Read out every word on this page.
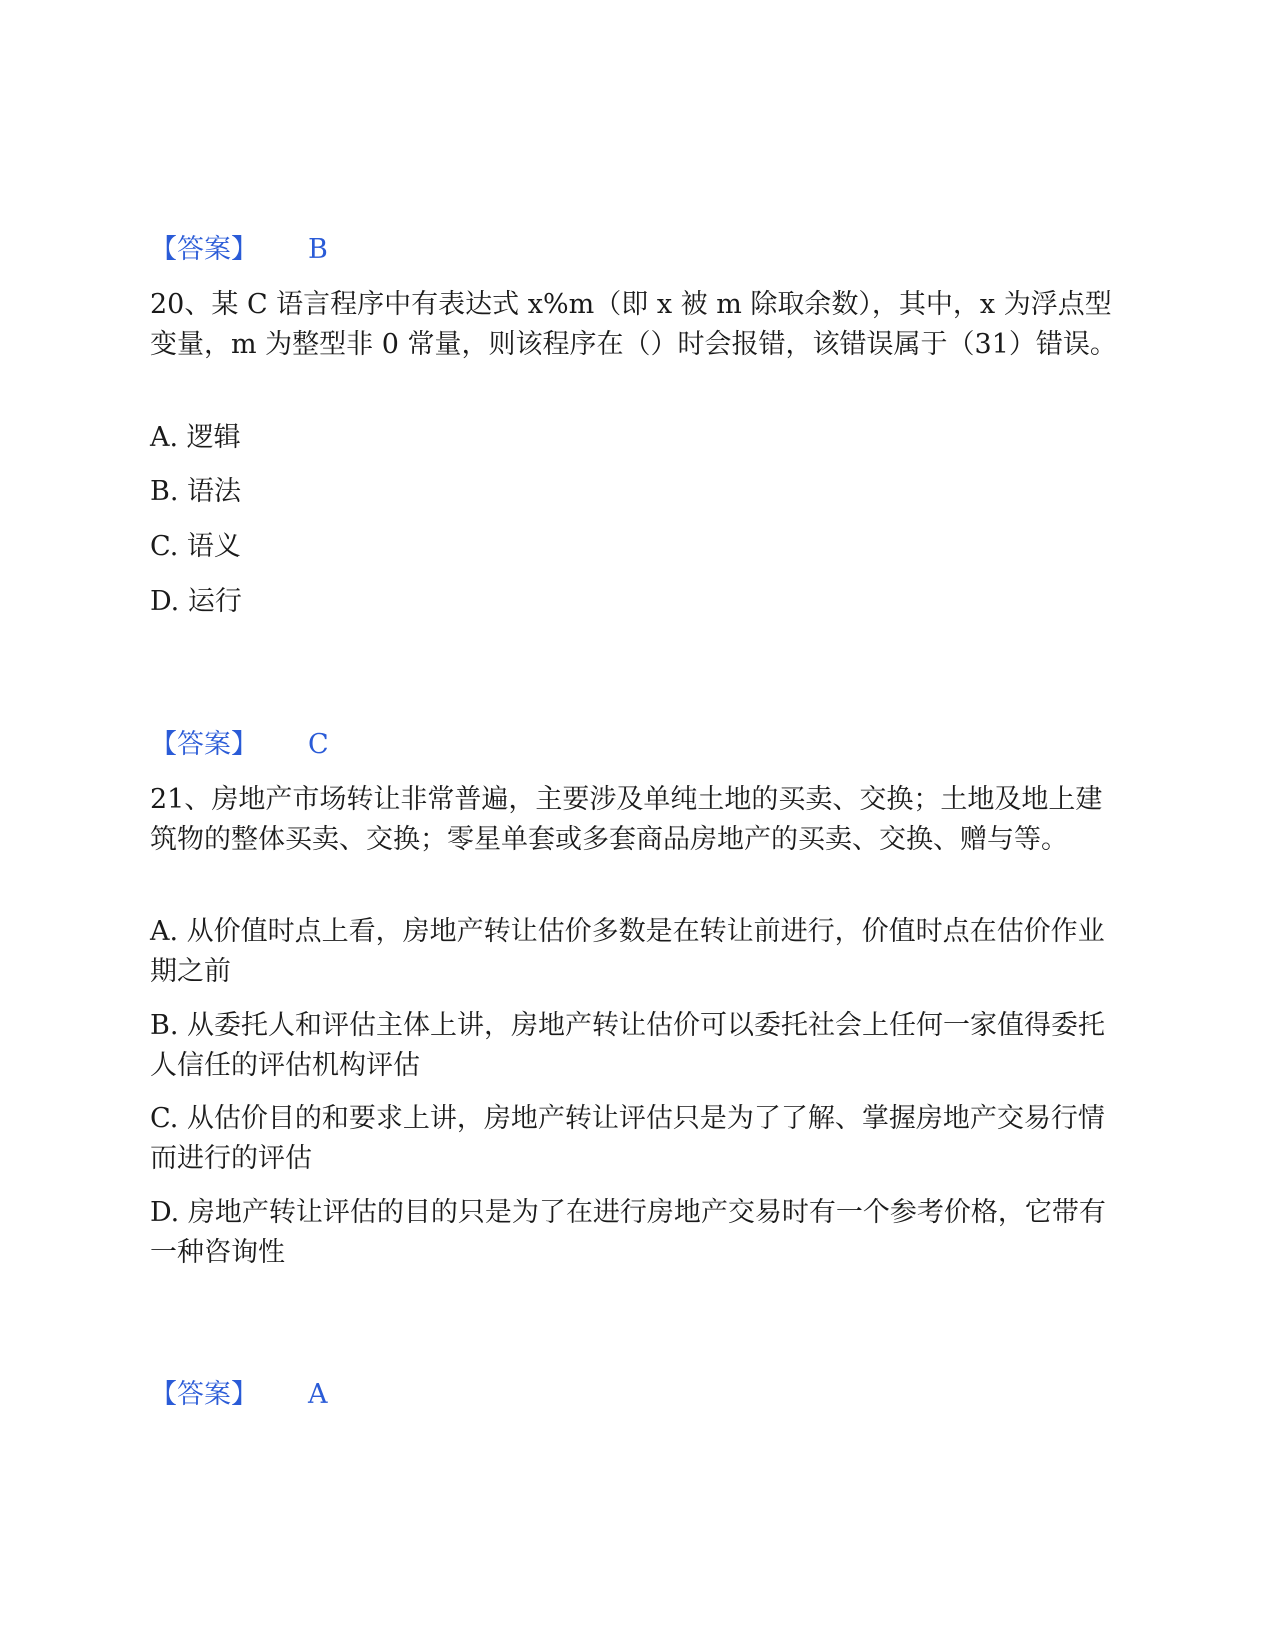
【答案】 B

20、某 C 语言程序中有表达式 x%m（即 x 被 m 除取余数），其中，x 为浮点型变量，m 为整型非 0 常量，则该程序在（）时会报错，该错误属于（31）错误。

A. 逻辑

B. 语法

C. 语义

D. 运行

【答案】 C

21、房地产市场转让非常普遍，主要涉及单纯土地的买卖、交换；土地及地上建筑物的整体买卖、交换；零星单套或多套商品房地产的买卖、交换、赠与等。

A. 从价值时点上看，房地产转让估价多数是在转让前进行，价值时点在估价作业期之前

B. 从委托人和评估主体上讲，房地产转让估价可以委托社会上任何一家值得委托人信任的评估机构评估

C. 从估价目的和要求上讲，房地产转让评估只是为了了解、掌握房地产交易行情而进行的评估

D. 房地产转让评估的目的只是为了在进行房地产交易时有一个参考价格，它带有一种咨询性

【答案】 A
